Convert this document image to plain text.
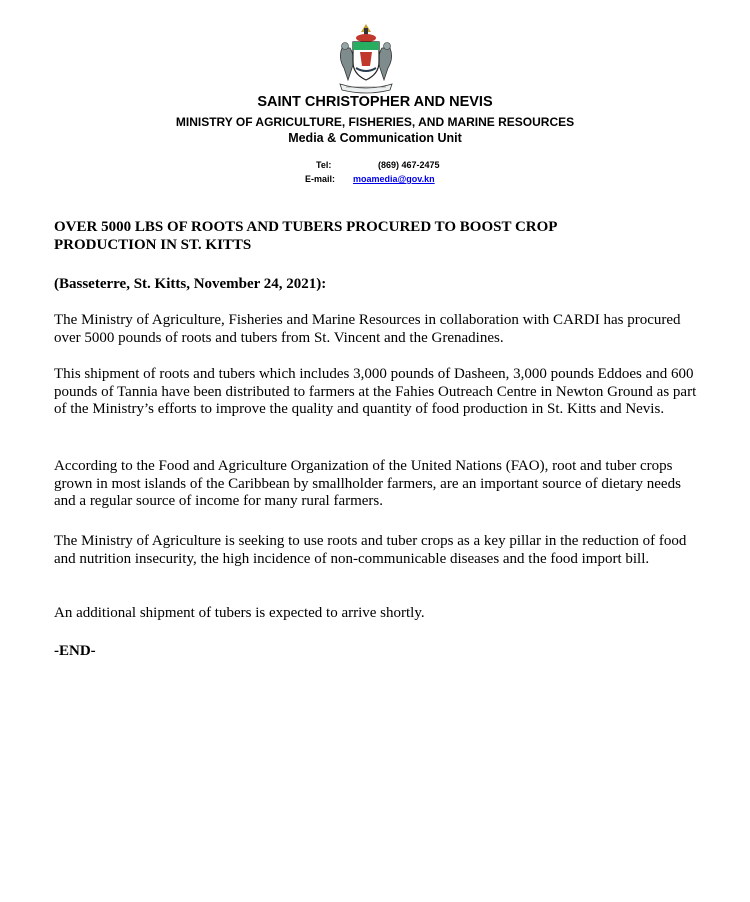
SAINT CHRISTOPHER AND NEVIS
MINISTRY OF AGRICULTURE, FISHERIES, AND MARINE RESOURCES
Media & Communication Unit
Tel:	(869) 467-2475
E-mail: moamedia@gov.kn

OVER 5000 LBS OF ROOTS AND TUBERS PROCURED TO BOOST CROP PRODUCTION IN ST. KITTS

(Basseterre, St. Kitts, November 24, 2021):

The Ministry of Agriculture, Fisheries and Marine Resources in collaboration with CARDI has procured over 5000 pounds of roots and tubers from St. Vincent and the Grenadines.

This shipment of roots and tubers which includes 3,000 pounds of Dasheen, 3,000 pounds Eddoes and 600 pounds of Tannia have been distributed to farmers at the Fahies Outreach Centre in Newton Ground as part of the Ministry’s efforts to improve the quality and quantity of food production in St. Kitts and Nevis.

According to the Food and Agriculture Organization of the United Nations (FAO), root and tuber crops grown in most islands of the Caribbean by smallholder farmers, are an important source of dietary needs and a regular source of income for many rural farmers.

The Ministry of Agriculture is seeking to use roots and tuber crops as a key pillar in the reduction of food and nutrition insecurity, the high incidence of non-communicable diseases and the food import bill.

An additional shipment of tubers is expected to arrive shortly.

-END-
